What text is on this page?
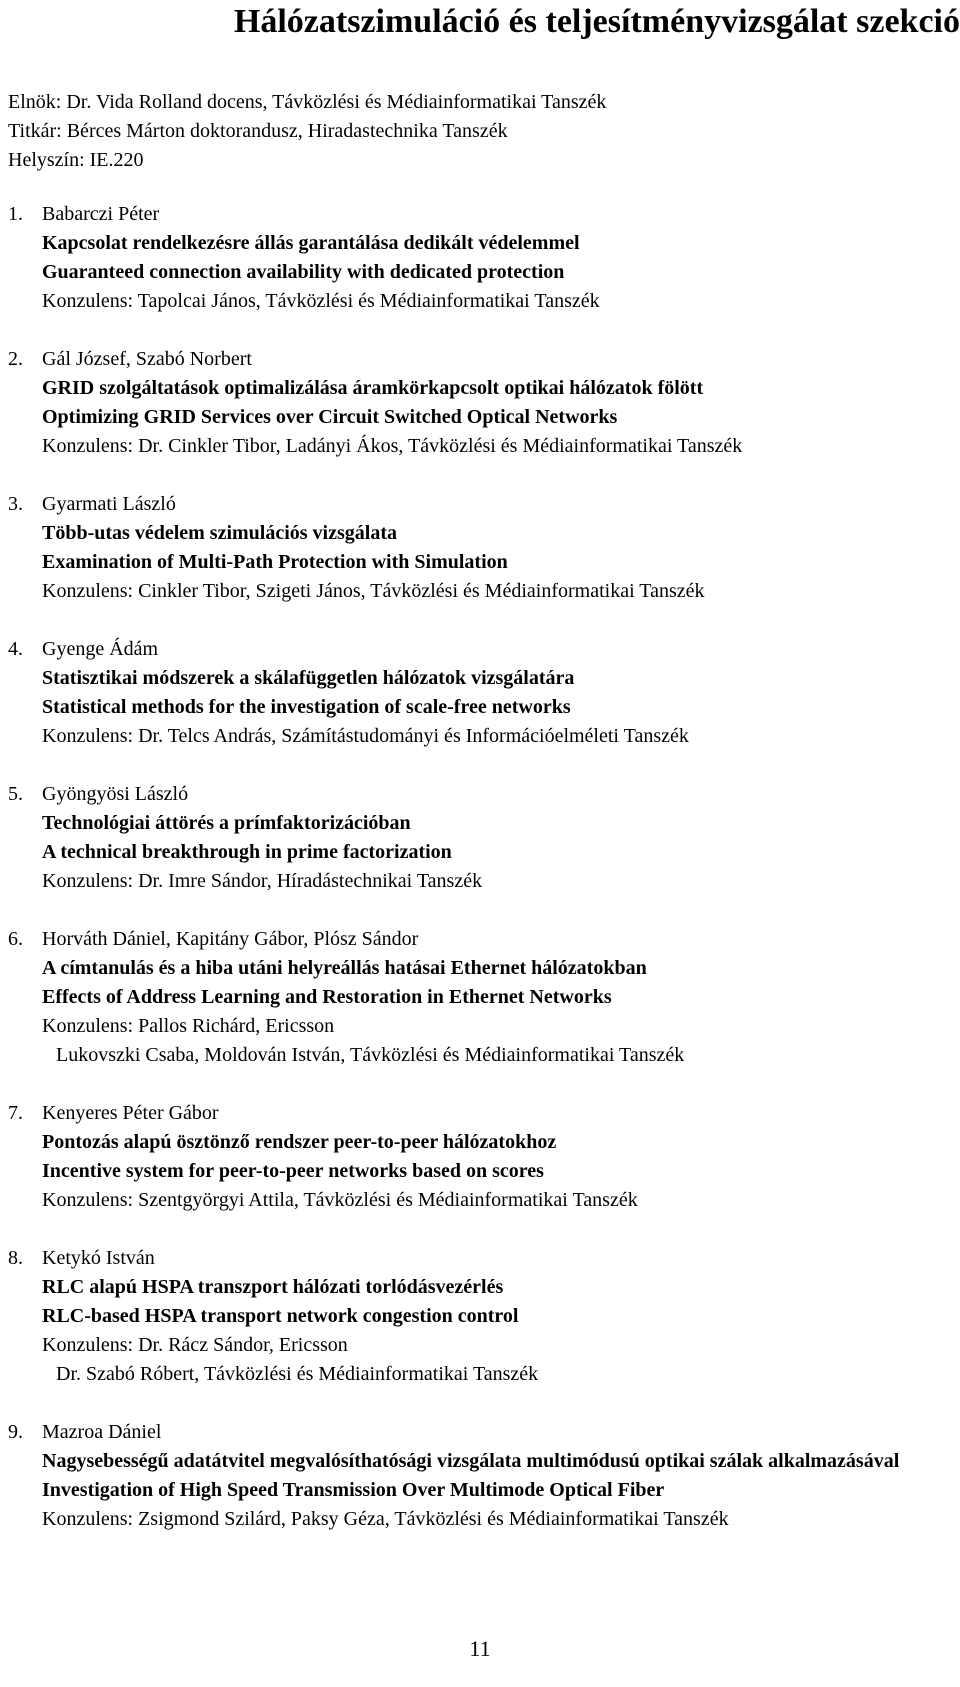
Hálózatszimuláció és teljesítményvizsgálat szekció
Elnök: Dr. Vida Rolland docens, Távközlési és Médiainformatikai Tanszék
Titkár: Bérces Márton doktorandusz, Hiradastechnika Tanszék
Helyszín: IE.220
1. Babarczi Péter
Kapcsolat rendelkezésre állás garantálása dedikált védelemmel
Guaranteed connection availability with dedicated protection
Konzulens: Tapolcai János, Távközlési és Médiainformatikai Tanszék
2. Gál József, Szabó Norbert
GRID szolgáltatások optimalizálása áramkörkapcsolt optikai hálózatok fölött
Optimizing GRID Services over Circuit Switched Optical Networks
Konzulens: Dr. Cinkler Tibor, Ladányi Ákos, Távközlési és Médiainformatikai Tanszék
3. Gyarmati László
Több-utas védelem szimulációs vizsgálata
Examination of Multi-Path Protection with Simulation
Konzulens: Cinkler Tibor, Szigeti János, Távközlési és Médiainformatikai Tanszék
4. Gyenge Ádám
Statisztikai módszerek a skálafüggetlen hálózatok vizsgálatára
Statistical methods for the investigation of scale-free networks
Konzulens: Dr. Telcs András, Számítástudományi és Információelméleti Tanszék
5. Gyöngyösi László
Technológiai áttörés a prímfaktorizációban
A technical breakthrough in prime factorization
Konzulens: Dr. Imre Sándor, Híradástechnikai Tanszék
6. Horváth Dániel, Kapitány Gábor, Plósz Sándor
A címtanulás és a hiba utáni helyreállás hatásai Ethernet hálózatokban
Effects of Address Learning and Restoration in Ethernet Networks
Konzulens: Pallos Richárd, Ericsson
Lukovszki Csaba, Moldován István, Távközlési és Médiainformatikai Tanszék
7. Kenyeres Péter Gábor
Pontozás alapú ösztönző rendszer peer-to-peer hálózatokhoz
Incentive system for peer-to-peer networks based on scores
Konzulens: Szentgyörgyi Attila, Távközlési és Médiainformatikai Tanszék
8. Ketykó István
RLC alapú HSPA transzport hálózati torlódásvezérlés
RLC-based HSPA transport network congestion control
Konzulens: Dr. Rácz Sándor, Ericsson
Dr. Szabó Róbert, Távközlési és Médiainformatikai Tanszék
9. Mazroa Dániel
Nagysebességű adatátvitel megvalósíthatósági vizsgálata multimódusú optikai szálak alkalmazásával
Investigation of High Speed Transmission Over Multimode Optical Fiber
Konzulens: Zsigmond Szilárd, Paksy Géza, Távközlési és Médiainformatikai Tanszék
11
